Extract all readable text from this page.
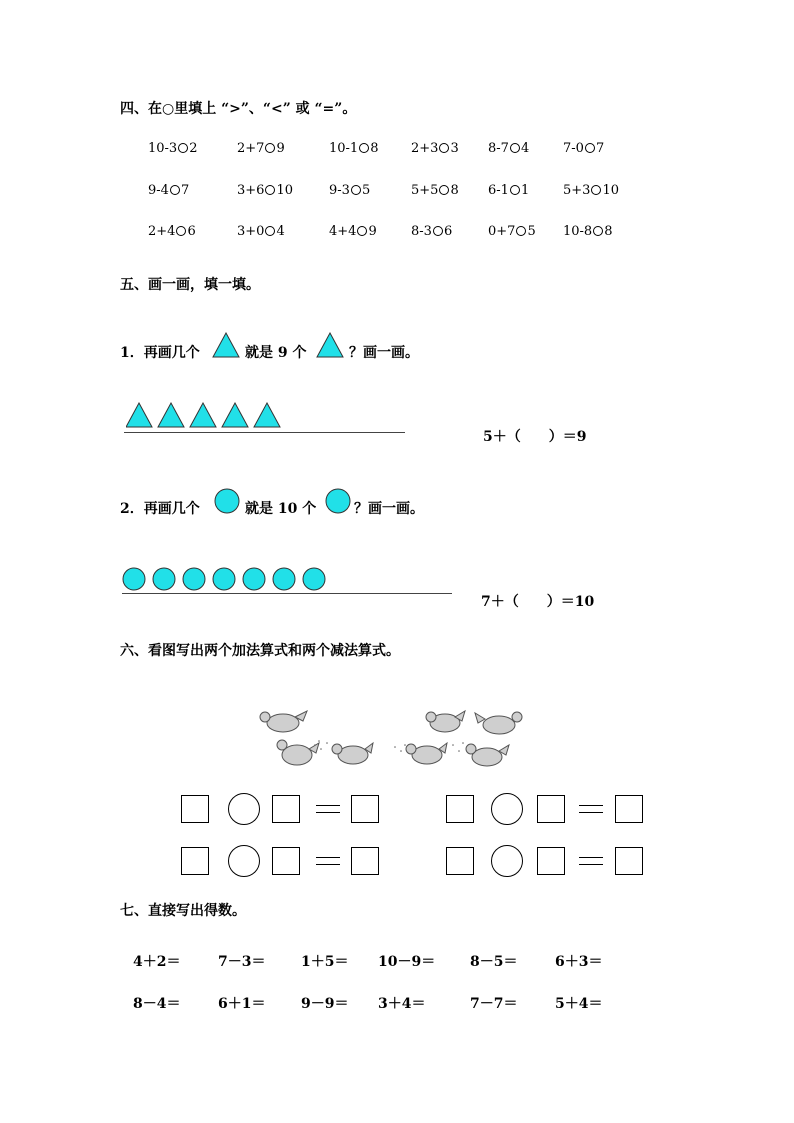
四、在○里填上 “>”、“<” 或 “=”。
10-3 2	2+7 9	10-1 8	2+3 3 8-7 4	7-0 7
9-4 7	3+6 10	9-3 5	5+5 8 6-1 1	5+3 10
2+4 6	3+0 4	4+4 9	8-3 6	0+7 5 10-8 8
五、画一画，填一填。
1．再画几个	就是 9 个	？画一画。
5＋（　　）＝9
2．再画几个	就是 10 个	？画一画。
7＋（　　）＝10
六、看图写出两个加法算式和两个减法算式。
七、直接写出得数。
4＋2＝	7－3＝	1＋5＝ 10－9＝ 8－5＝	6＋3＝
8－4＝	6＋1＝	9－9＝ 3＋4＝	7－7＝	5＋4＝
